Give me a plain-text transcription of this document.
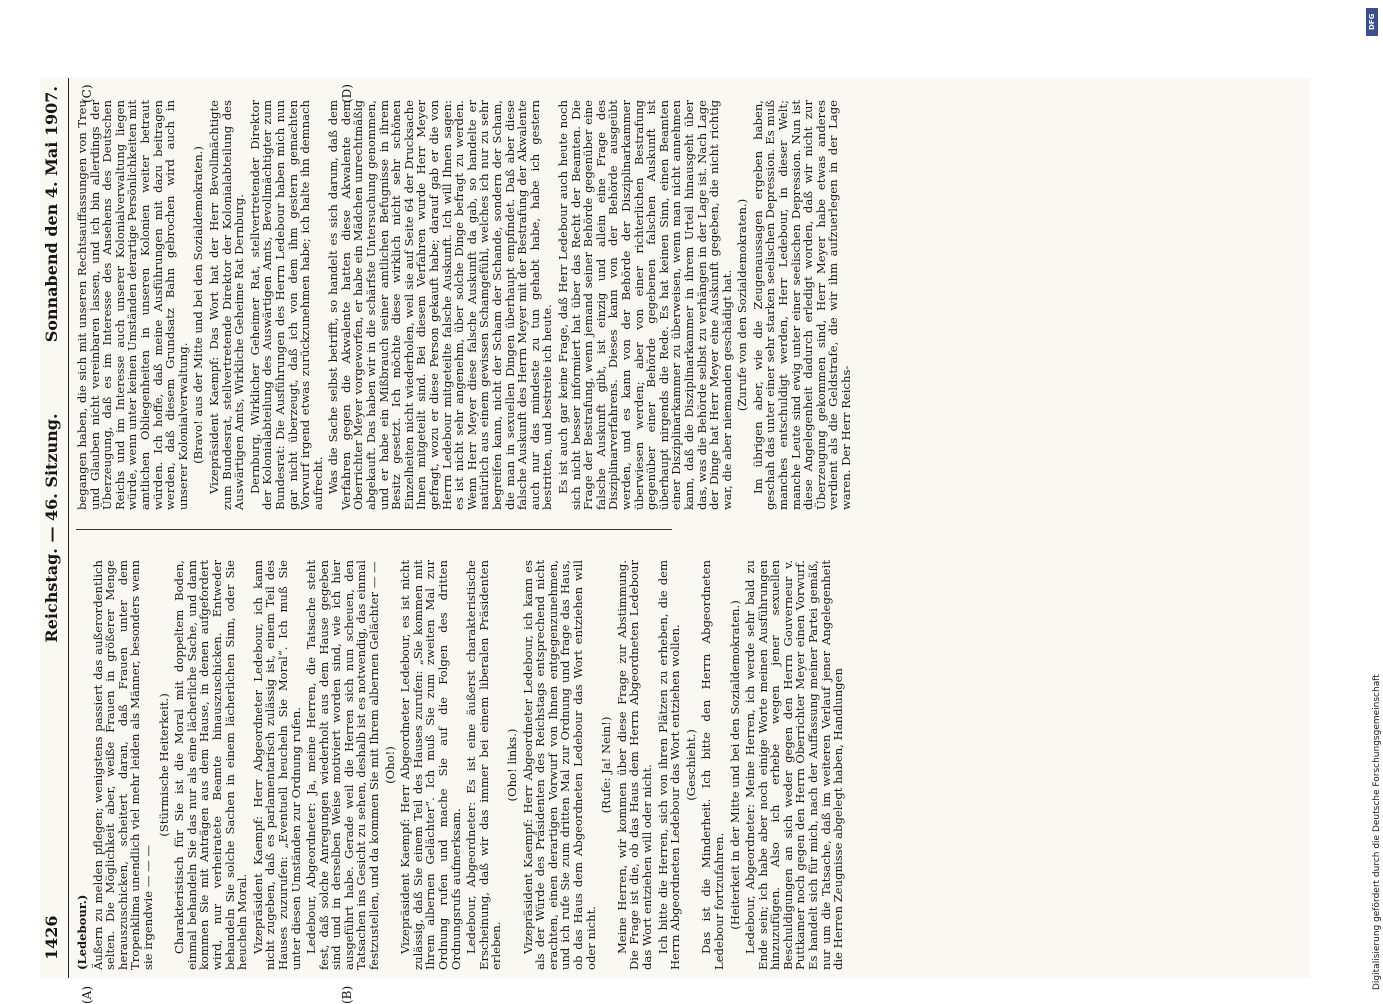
1426
Reichstag. — 46. Sitzung.
Sonnabend den 4. Mai 1907.
(A)	(B)
(C)	(D)

(Ledebour.) Äußern zu melden pflegen; wenigstens passiert das außerordentlich selten. Die Möglichkeit aber, weiße Frauen in größerer Menge herauszuschicken, scheitert daran, daß Frauen unter dem Tropenklima unendlich viel mehr leiden als Männer, besonders wenn sie irgendwie — — —

(Stürmische Heiterkeit.) Charakteristisch für Sie ist die Moral mit doppeltem Boden, einmal behandeln Sie das nur als eine lächerliche Sache, und dann kommen Sie mit Anträgen aus dem Hause, in denen aufgefordert wird, nur verheiratete Beamte hinauszuschicken. Entweder behandeln Sie solche Sachen in einem lächerlichen Sinn, oder Sie heucheln Moral. Vizepräsident Kaempf: Herr Abgeordneter Ledebour, ich kann nicht zugeben, daß es parlamentarisch zulässig ist, einem Teil des Hauses zuzurufen: „Eventuell heucheln Sie Moral“. Ich muß Sie unter diesen Umständen zur Ordnung rufen. Ledebour, Abgeordneter: Ja, meine Herren, die Tatsache steht fest, daß solche Anregungen wiederholt aus dem Hause gegeben sind und in derselben Weise motiviert worden sind, wie ich hier ausgeführt habe. Gerade weil die Herren sich nun scheuen, den Tatsachen ins Gesicht zu sehen, deshalb ist es notwendig, das einmal festzustellen, und da kommen Sie mit Ihrem albernen Gelächter — — (Oho!) Vizepräsident Kaempf: Herr Abgeordneter Ledebour, es ist nicht zulässig, daß Sie einem Teil des Hauses zurufen: „Sie kommen mit Ihrem albernen Gelächter“. Ich muß Sie zum zweiten Mal zur Ordnung rufen und mache Sie auf die Folgen des dritten Ordnungsrufs aufmerksam. Ledebour, Abgeordneter: Es ist eine äußerst charakteristische Erscheinung, daß wir das immer bei einem liberalen Präsidenten erleben.

(Oho! links.) Vizepräsident Kaempf: Herr Abgeordneter Ledebour, ich kann es als der Würde des Präsidenten des Reichstags entsprechend nicht erachten, einen derartigen Vorwurf von Ihnen entgegenzunehmen, und ich rufe Sie zum dritten Mal zur Ordnung und frage das Haus, ob das Haus dem Abgeordneten Ledebour das Wort entziehen will oder nicht.

(Rufe: Ja! Nein!) Meine Herren, wir kommen über diese Frage zur Abstimmung. Die Frage ist die, ob das Haus dem Herrn Abgeordneten Ledebour das Wort entziehen will oder nicht. Ich bitte die Herren, sich von ihren Plätzen zu erheben, die dem Herrn Abgeordneten Ledebour das Wort entziehen wollen. (Geschieht.) Das ist die Minderheit. Ich bitte den Herrn Abgeordneten Ledebour fortzufahren. (Heiterkeit in der Mitte und bei den Sozialdemokraten.) Ledebour, Abgeordneter: Meine Herren, ich werde sehr bald zu Ende sein; ich habe aber noch einige Worte meinen Ausführungen hinzuzufügen. Also ich erhebe wegen jener sexuellen Beschuldigungen an sich weder gegen den Herrn Gouverneur v. Puttkamer noch gegen den Herrn Oberrichter Meyer einen Vorwurf. Es handelt sich für mich, nach der Auffassung meiner Partei gemäß, nur um die Tatsache, daß im weiteren Verlauf jener Angelegenheit die Herren Zeugnisse abgelegt haben, Handlungen

begangen haben, die sich mit unseren Rechtsauffassungen von Treu und Glauben nicht vereinbaren lassen, und ich bin allerdings der Überzeugung, daß es im Interesse des Ansehens des Deutschen Reichs und im Interesse auch unserer Kolonialverwaltung liegen würde, wenn unter keinen Umständen derartige Persönlichkeiten mit amtlichen Obliegenheiten in unseren Kolonien weiter betraut würden. Ich hoffe, daß meine Ausführungen mit dazu beitragen werden, daß diesem Grundsatz Bahn gebrochen wird auch in unserer Kolonialverwaltung. (Bravo! aus der Mitte und bei den Sozialdemokraten.) Vizepräsident Kaempf: Das Wort hat der Herr Bevollmächtigte zum Bundesrat, stellvertretende Direktor der Kolonialabteilung des Auswärtigen Amts, Wirkliche Geheime Rat Dernburg. Dernburg, Wirklicher Geheimer Rat, stellvertretender Direktor der Kolonialabteilung des Auswärtigen Amts, Bevollmächtigter zum Bundesrat: Die Ausführungen des Herrn Ledebour haben mich nun gar nicht überzeugt, daß ich von dem ihm gestern gemachten Vorwurf irgend etwas zurückzunehmen habe; ich halte ihn demnach aufrecht. Was die Sache selbst betrifft, so handelt es sich darum, daß dem Verfahren gegen die Akwalente hatten diese Akwalente dem Oberrichter Meyer vorgeworfen, er habe ein Mädchen unrechtmäßig abgekauft. Das haben wir in die schärfste Untersuchung genommen, und er habe ein Mißbrauch seiner amtlichen Befugnisse in ihrem Besitz gesetzt. Ich möchte diese wirklich nicht sehr schönen Einzelheiten nicht wiederholen, weil sie auf Seite 64 der Drucksache Ihnen mitgeteilt sind. Bei diesem Verfahren wurde Herr Meyer gefragt, wozu er diese Person gekauft habe; darauf gab er die von Herrn Ledebour mitgeteilte falsche Auskunft. Ich will Ihnen sagen: es ist nicht sehr angenehm, über solche Dinge befragt zu werden. Wenn Herr Meyer diese falsche Auskunft da gab, so handelte er natürlich aus einem gewissen Schamgefühl, welches ich nur zu sehr begreifen kann, nicht der Scham der Schande, sondern der Scham, die man in sexuellen Dingen überhaupt empfindet. Daß aber diese falsche Auskunft des Herrn Meyer mit der Bestrafung der Akwalente auch nur das mindeste zu tun gehabt habe, habe ich gestern bestritten, und bestreite ich heute. Es ist auch gar keine Frage, daß Herr Ledebour auch heute noch sich nicht besser informiert hat über das Recht der Beamten. Die Frage der Bestrafung, wenn jemand seiner Behörde gegenüber eine falsche Auskunft gibt, ist einzig und allein eine Frage des Disziplinarverfahrens. Dieses kann von der Behörde ausgeübt werden, und es kann von der Behörde der Disziplinarkammer überwiesen werden; aber von einer richterlichen Bestrafung gegenüber einer Behörde gegebenen falschen Auskunft ist überhaupt nirgends die Rede. Es hat keinen Sinn, einen Beamten einer Disziplinarkammer zu überweisen, wenn man nicht annehmen kann, daß die Disziplinarkammer in ihrem Urteil hinausgeht über das, was die Behörde selbst zu verhängen in der Lage ist. Nach Lage der Dinge hat Herr Meyer eine Auskunft gegeben, die nicht richtig war, die aber niemanden geschädigt hat. (Zurufe von den Sozialdemokraten.) Im übrigen aber, wie die Zeugenaussagen ergeben haben, geschah das unter einer sehr starken seelischen Depression. Es muß manches entschuldigt werden, Herr Ledebour, in dieser Welt; manche Leute sind ewig unter einer seelischen Depression. Nun ist diese Angelegenheit dadurch erledigt worden, daß wir nicht zur Überzeugung gekommen sind, Herr Meyer habe etwas anderes verdient als die Geldstrafe, die wir ihm aufzuerlegen in der Lage waren. Der Herr Reichs-

DFG
Digitalisierung gefördert durch die Deutsche Forschungsgemeinschaft
